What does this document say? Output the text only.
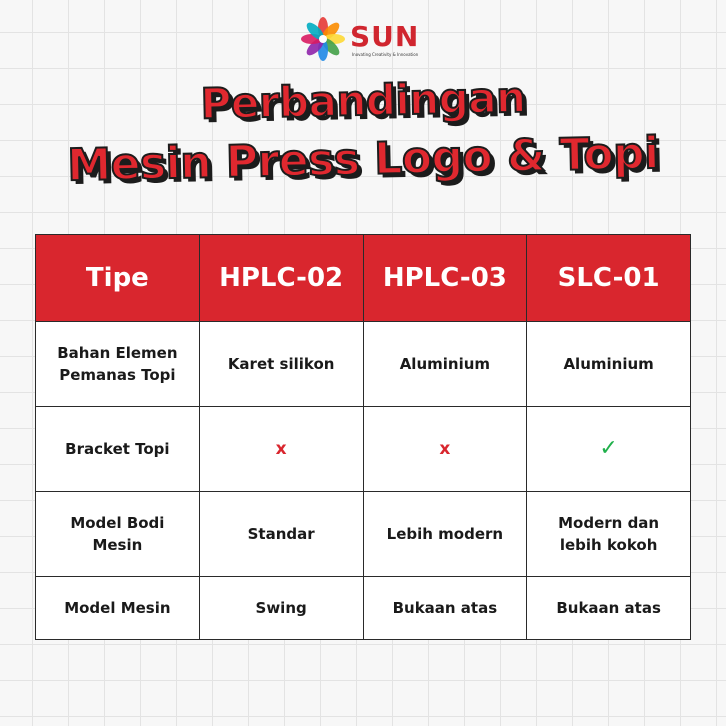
SUN
Inovating Creativity & Innovation
Perbandingan
Mesin Press Logo & Topi
Tipe	HPLC-02	HPLC-03	SLC-01
Bahan Elemen
Pemanas Topi	Karet silikon	Aluminium	Aluminium
Bracket Topi	x	x	✓
Model Bodi
Mesin	Standar	Lebih modern	Modern dan
lebih kokoh
Model Mesin	Swing	Bukaan atas	Bukaan atas
